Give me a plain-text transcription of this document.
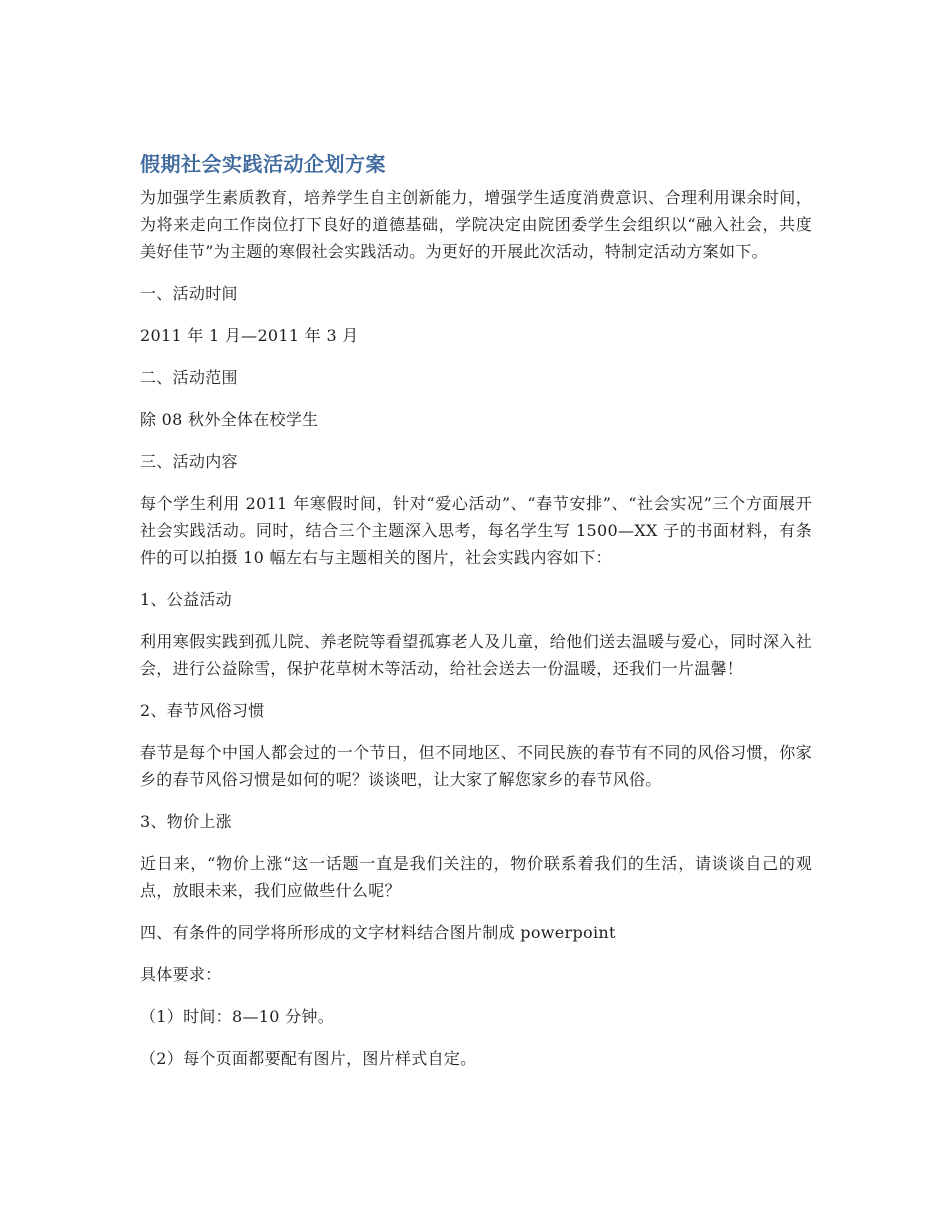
假期社会实践活动企划方案

为加强学生素质教育，培养学生自主创新能力，增强学生适度消费意识、合理利用课余时间，为将来走向工作岗位打下良好的道德基础，学院决定由院团委学生会组织以“融入社会，共度美好佳节”为主题的寒假社会实践活动。为更好的开展此次活动，特制定活动方案如下。

一、活动时间

2011 年 1 月—2011 年 3 月

二、活动范围

除 08 秋外全体在校学生

三、活动内容

每个学生利用 2011 年寒假时间，针对“爱心活动”、“春节安排”、“社会实况”三个方面展开社会实践活动。同时，结合三个主题深入思考，每名学生写 1500—XX 子的书面材料，有条件的可以拍摄 10 幅左右与主题相关的图片，社会实践内容如下：

1、公益活动

利用寒假实践到孤儿院、养老院等看望孤寡老人及儿童，给他们送去温暖与爱心，同时深入社会，进行公益除雪，保护花草树木等活动，给社会送去一份温暖，还我们一片温馨！

2、春节风俗习惯

春节是每个中国人都会过的一个节日，但不同地区、不同民族的春节有不同的风俗习惯，你家乡的春节风俗习惯是如何的呢？谈谈吧，让大家了解您家乡的春节风俗。

3、物价上涨

近日来，“物价上涨“这一话题一直是我们关注的，物价联系着我们的生活，请谈谈自己的观点，放眼未来，我们应做些什么呢？

四、有条件的同学将所形成的文字材料结合图片制成 powerpoint

具体要求：

（1）时间：8—10 分钟。

（2）每个页面都要配有图片，图片样式自定。
